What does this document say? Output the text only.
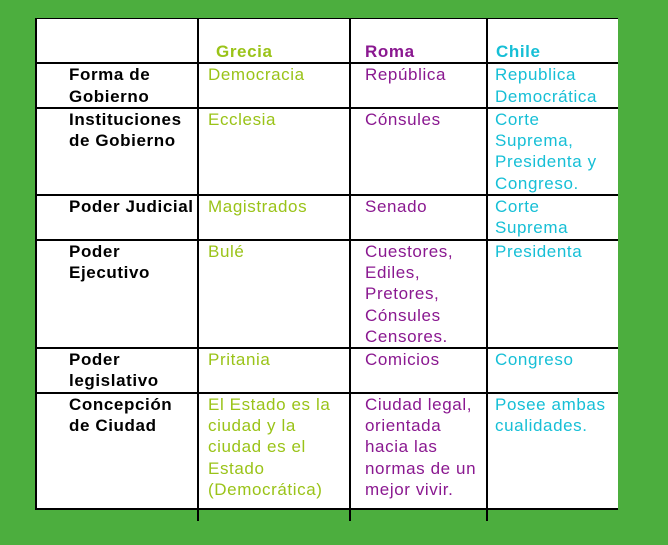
	Grecia	Roma	Chile
Forma de Gobierno	Democracia	República	Republica Democrática
Instituciones de Gobierno	Ecclesia	Cónsules	Corte Suprema, Presidenta y Congreso.
Poder Judicial	Magistrados	Senado	Corte Suprema
Poder Ejecutivo	Bulé	Cuestores, Ediles, Pretores, Cónsules Censores.	Presidenta
Poder legislativo	Pritania	Comicios	Congreso
Concepción de Ciudad	El Estado es la ciudad y la ciudad es el Estado (Democrática)	Ciudad legal, orientada hacia las normas de un mejor vivir.	Posee ambas cualidades.
